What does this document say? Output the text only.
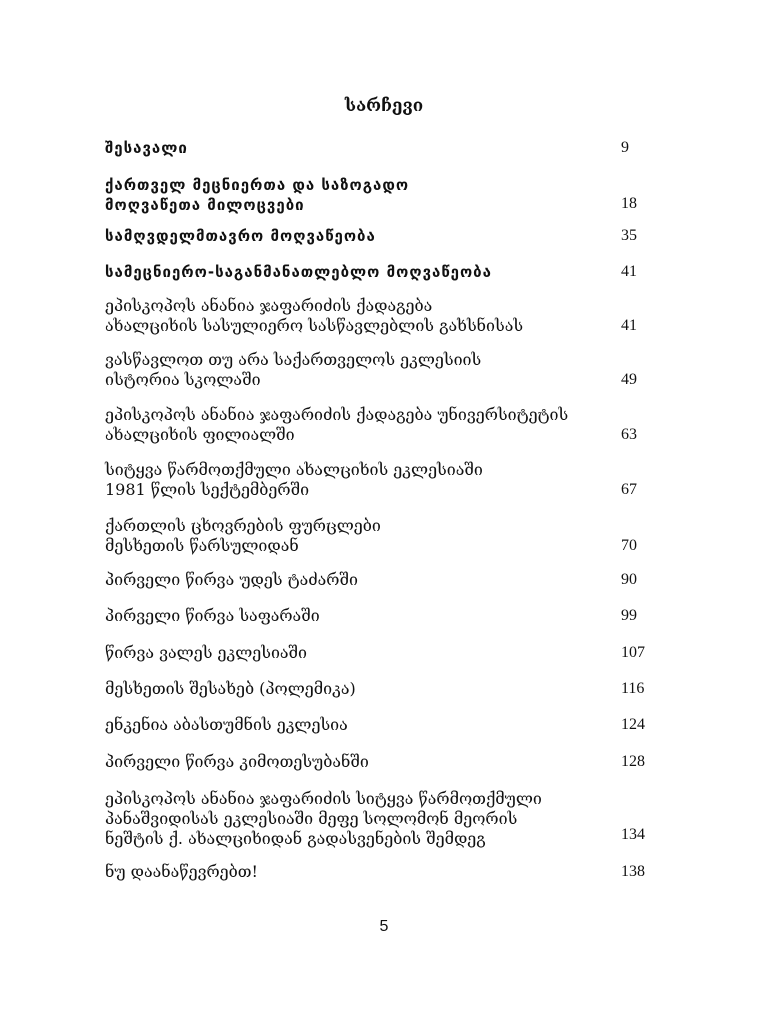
სარჩევი
შესავალი	9
ქართველ მეცნიერთა და საზოგადო
მოღვაწეთა მილოცვები	18
სამღვდელმთავრო მოღვაწეობა	35
სამეცნიერო-საგანმანათლებლო მოღვაწეობა	41
ეპისკოპოს ანანია ჯაფარიძის ქადაგება
ახალციხის სასულიერო სასწავლებლის გახსნისას	41
ვასწავლოთ თუ არა საქართველოს ეკლესიის
ისტორია სკოლაში	49
ეპისკოპოს ანანია ჯაფარიძის ქადაგება უნივერსიტეტის
ახალციხის ფილიალში	63
სიტყვა წარმოთქმული ახალციხის ეკლესიაში
1981 წლის სექტემბერში	67
ქართლის ცხოვრების ფურცლები
მესხეთის წარსულიდან	70
პირველი წირვა უდეს ტაძარში	90
პირველი წირვა საფარაში	99
წირვა ვალეს ეკლესიაში	107
მესხეთის შესახებ (პოლემიკა)	116
ენკენია აბასთუმნის ეკლესია	124
პირველი წირვა კიმოთესუბანში	128
ეპისკოპოს ანანია ჯაფარიძის სიტყვა წარმოთქმული
პანაშვიდისას ეკლესიაში მეფე სოლომონ მეორის
ნეშტის ქ. ახალციხიდან გადასვენების შემდეგ	134
ნუ დაანაწევრებთ!	138
5
